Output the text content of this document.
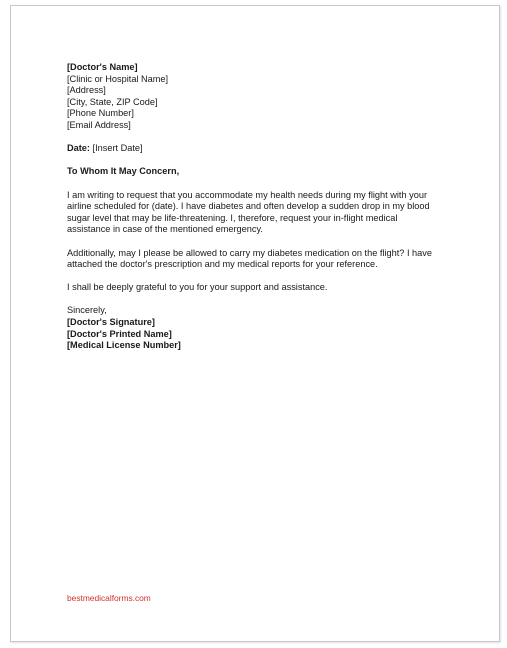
[Doctor's Name]
[Clinic or Hospital Name]
[Address]
[City, State, ZIP Code]
[Phone Number]
[Email Address]
Date: [Insert Date]
To Whom It May Concern,
I am writing to request that you accommodate my health needs during my flight with your airline scheduled for (date). I have diabetes and often develop a sudden drop in my blood sugar level that may be life-threatening. I, therefore, request your in-flight medical assistance in case of the mentioned emergency.
Additionally, may I please be allowed to carry my diabetes medication on the flight? I have attached the doctor's prescription and my medical reports for your reference.
I shall be deeply grateful to you for your support and assistance.
Sincerely,
[Doctor's Signature]
[Doctor's Printed Name]
[Medical License Number]
bestmedicalforms.com
